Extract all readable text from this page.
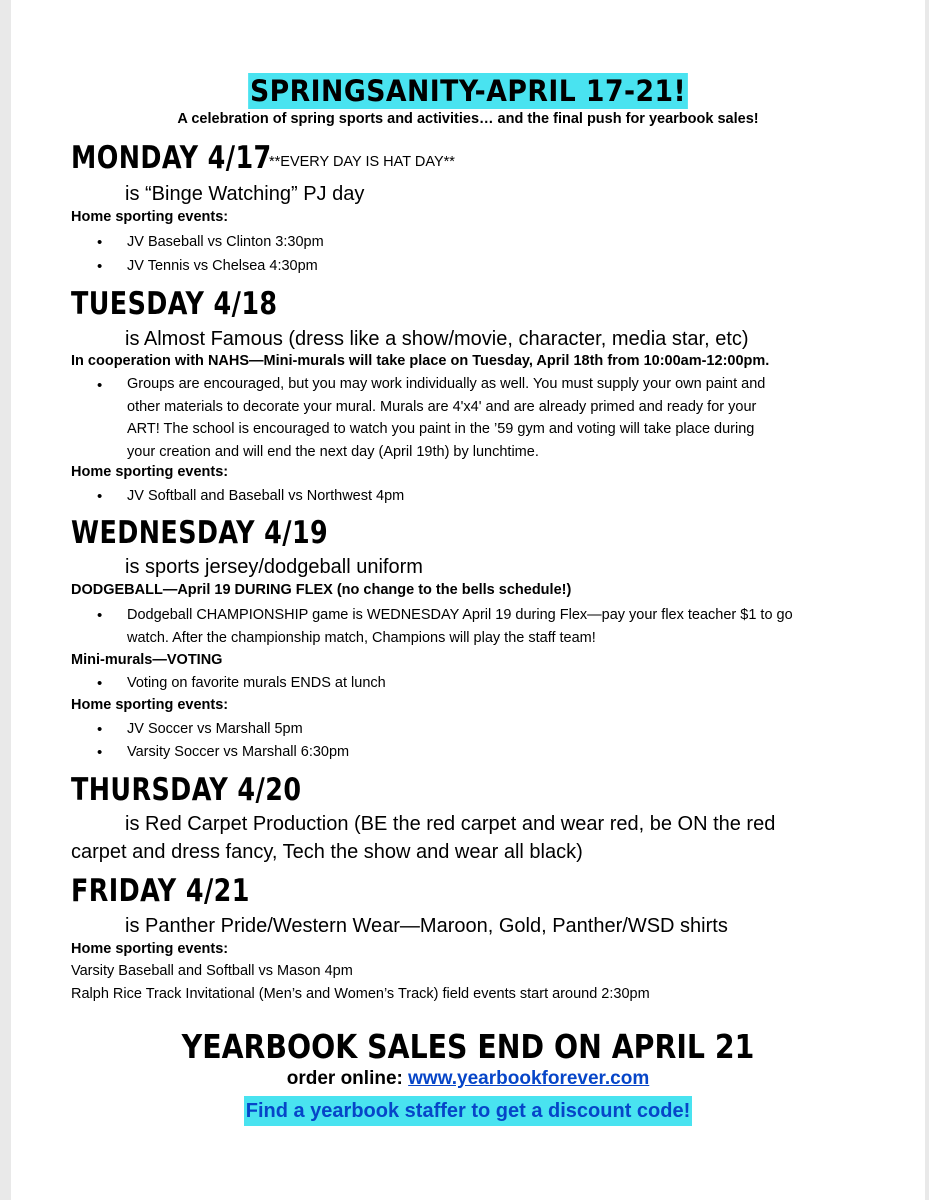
SPRINGSANITY-APRIL 17-21!
A celebration of spring sports and activities… and the final push for yearbook sales!
MONDAY 4/17
**EVERY DAY IS HAT DAY**
is “Binge Watching” PJ day
Home sporting events:
• JV Baseball vs Clinton 3:30pm
• JV Tennis vs Chelsea 4:30pm
TUESDAY 4/18
is Almost Famous (dress like a show/movie, character, media star, etc)
In cooperation with NAHS—Mini-murals will take place on Tuesday, April 18th from 10:00am-12:00pm.
• Groups are encouraged, but you may work individually as well. You must supply your own paint and
other materials to decorate your mural. Murals are 4'x4' and are already primed and ready for your
ART! The school is encouraged to watch you paint in the ’59 gym and voting will take place during
your creation and will end the next day (April 19th) by lunchtime.
Home sporting events:
• JV Softball and Baseball vs Northwest 4pm
WEDNESDAY 4/19
is sports jersey/dodgeball uniform
DODGEBALL—April 19 DURING FLEX (no change to the bells schedule!)
• Dodgeball CHAMPIONSHIP game is WEDNESDAY April 19 during Flex—pay your flex teacher $1 to go
watch. After the championship match, Champions will play the staff team!
Mini-murals—VOTING
• Voting on favorite murals ENDS at lunch
Home sporting events:
• JV Soccer vs Marshall 5pm
• Varsity Soccer vs Marshall 6:30pm
THURSDAY 4/20
is Red Carpet Production (BE the red carpet and wear red, be ON the red
carpet and dress fancy, Tech the show and wear all black)
FRIDAY 4/21
is Panther Pride/Western Wear—Maroon, Gold, Panther/WSD shirts
Home sporting events:
Varsity Baseball and Softball vs Mason 4pm
Ralph Rice Track Invitational (Men’s and Women’s Track) field events start around 2:30pm
YEARBOOK SALES END ON APRIL 21
order online: www.yearbookforever.com
Find a yearbook staffer to get a discount code!
